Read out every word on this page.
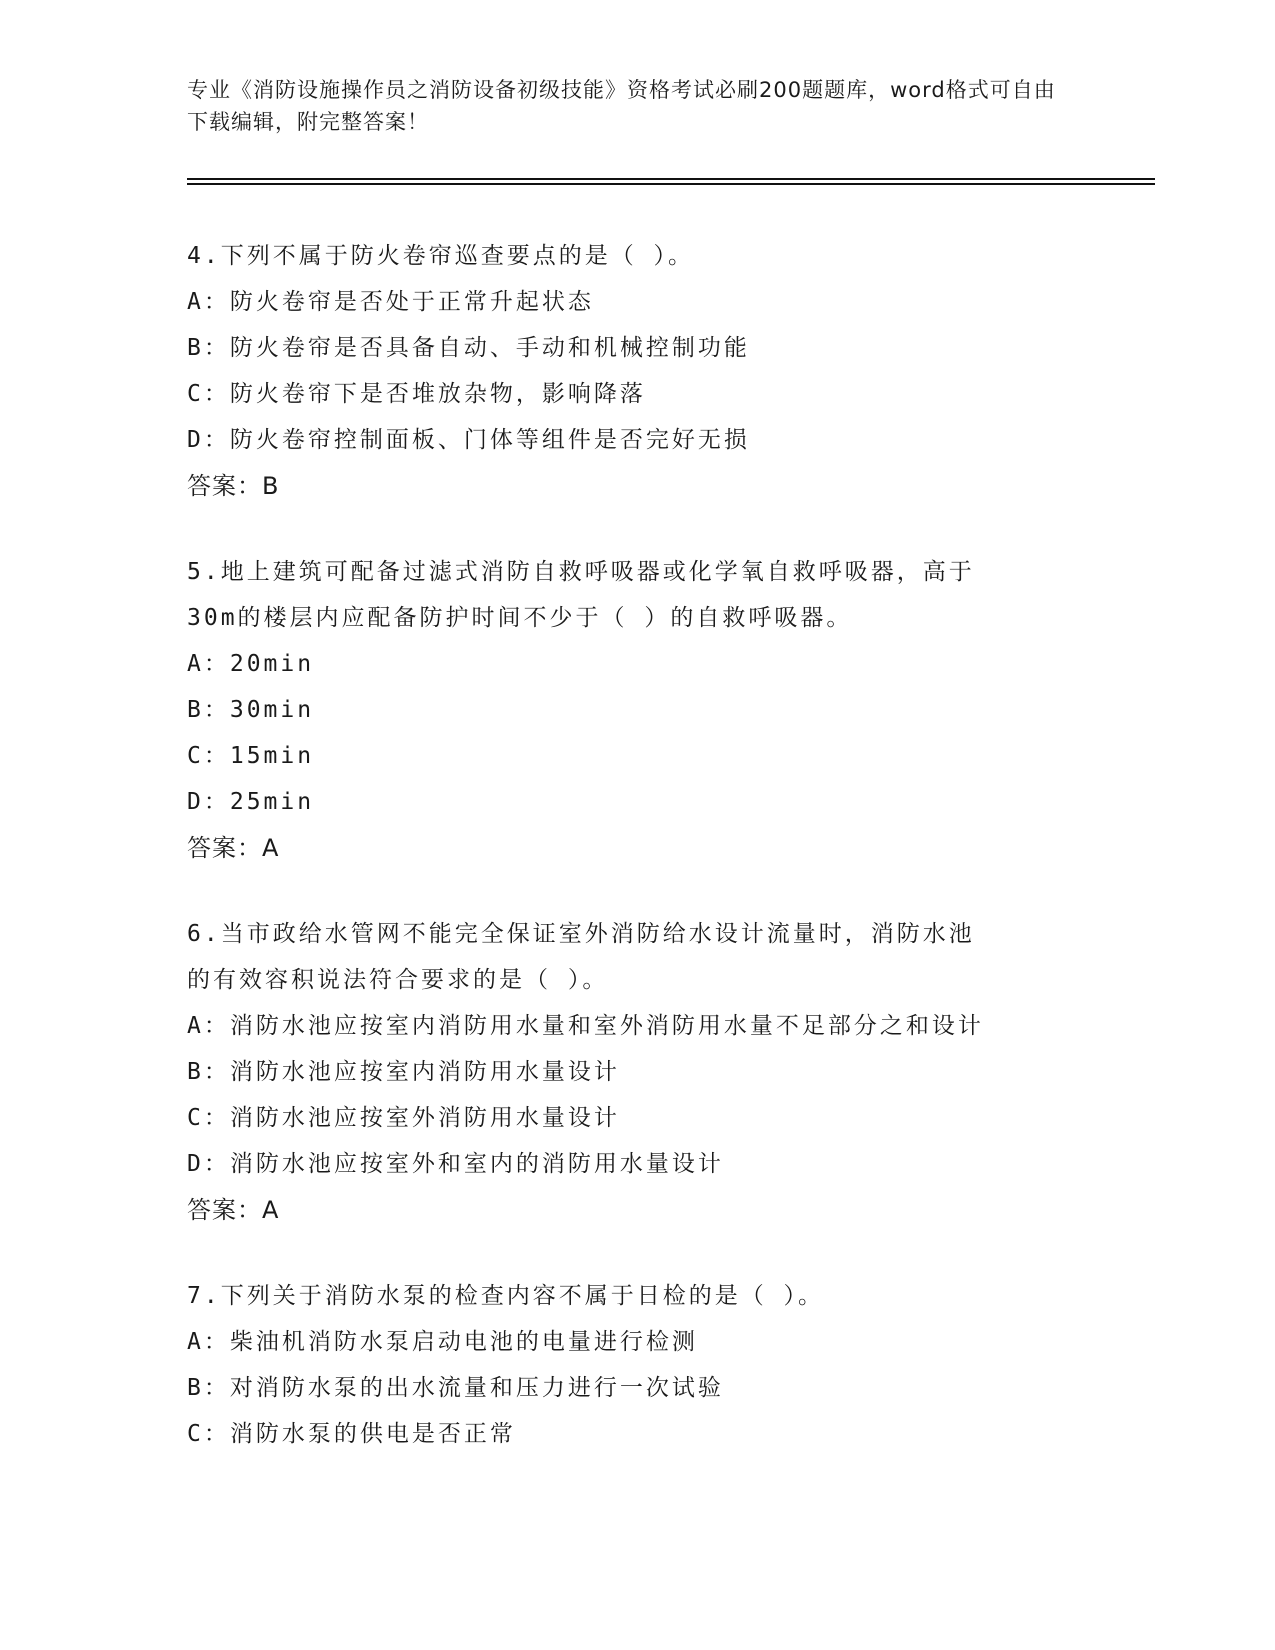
专业《消防设施操作员之消防设备初级技能》资格考试必刷200题题库，word格式可自由下载编辑，附完整答案！
4.下列不属于防火卷帘巡查要点的是（ ）。
A：防火卷帘是否处于正常升起状态
B：防火卷帘是否具备自动、手动和机械控制功能
C：防火卷帘下是否堆放杂物，影响降落
D：防火卷帘控制面板、门体等组件是否完好无损
答案：B
5.地上建筑可配备过滤式消防自救呼吸器或化学氧自救呼吸器，高于
30m的楼层内应配备防护时间不少于（ ）的自救呼吸器。
A：20min
B：30min
C：15min
D：25min
答案：A
6.当市政给水管网不能完全保证室外消防给水设计流量时，消防水池
的有效容积说法符合要求的是（ ）。
A：消防水池应按室内消防用水量和室外消防用水量不足部分之和设计
B：消防水池应按室内消防用水量设计
C：消防水池应按室外消防用水量设计
D：消防水池应按室外和室内的消防用水量设计
答案：A
7.下列关于消防水泵的检查内容不属于日检的是（ ）。
A：柴油机消防水泵启动电池的电量进行检测
B：对消防水泵的出水流量和压力进行一次试验
C：消防水泵的供电是否正常
